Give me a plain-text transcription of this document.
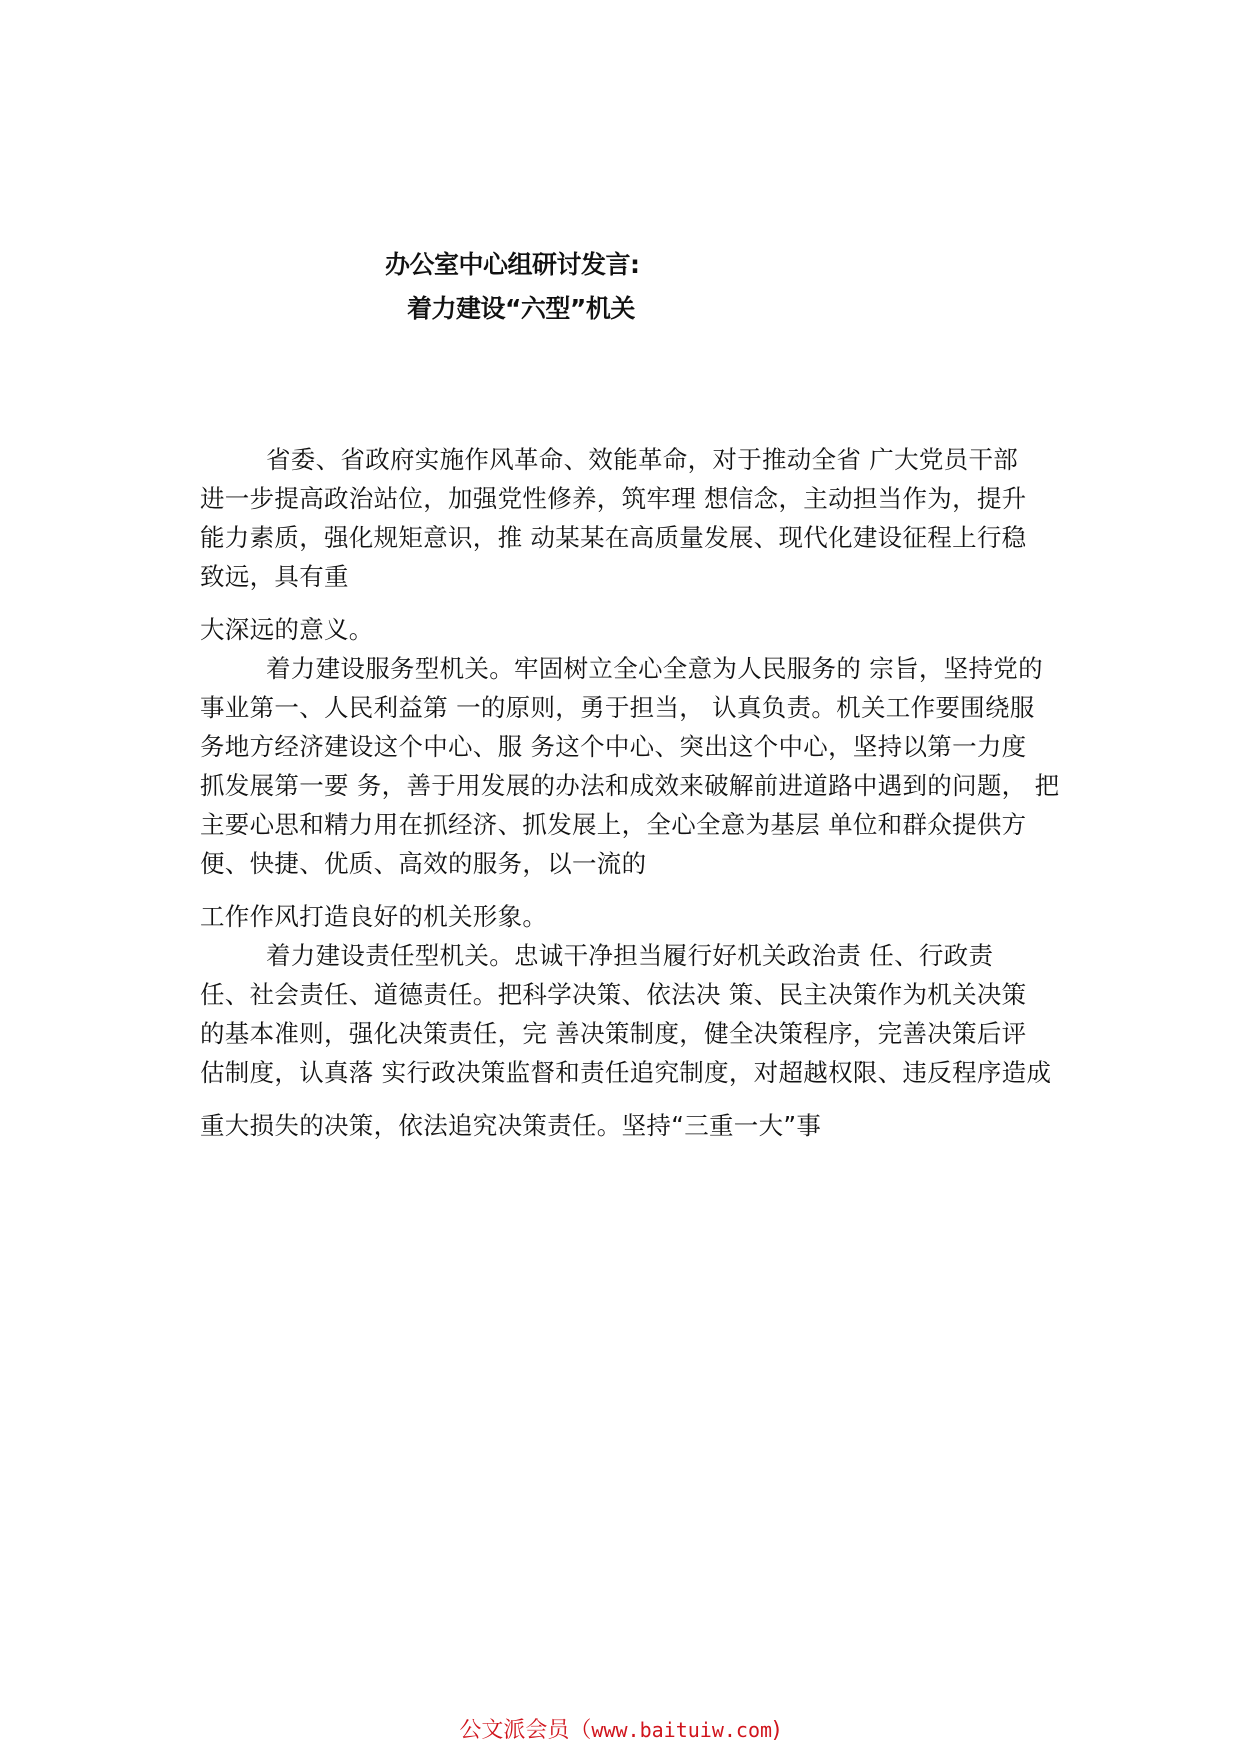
办公室中心组研讨发言:
着力建设“六型”机关
省委、省政府实施作风革命、效能革命，对于推动全省 广大党员干部
进一步提高政治站位，加强党性修养，筑牢理 想信念，主动担当作为，提升
能力素质，强化规矩意识，推 动某某在高质量发展、现代化建设征程上行稳
致远，具有重
大深远的意义。
着力建设服务型机关。牢固树立全心全意为人民服务的 宗旨，坚持党的
事业第一、人民利益第 一的原则，勇于担当， 认真负责。机关工作要围绕服
务地方经济建设这个中心、服 务这个中心、突出这个中心，坚持以第一力度
抓发展第一要 务，善于用发展的办法和成效来破解前进道路中遇到的问题， 把
主要心思和精力用在抓经济、抓发展上，全心全意为基层 单位和群众提供方
便、快捷、优质、高效的服务，以一流的
工作作风打造良好的机关形象。
着力建设责任型机关。忠诚干净担当履行好机关政治责 任、行政责
任、社会责任、道德责任。把科学决策、依法决 策、民主决策作为机关决策
的基本准则，强化决策责任，完 善决策制度，健全决策程序，完善决策后评
估制度，认真落 实行政决策监督和责任追究制度，对超越权限、违反程序造成
重大损失的决策，依法追究决策责任。坚持“三重一大”事
公文派会员（www.baituiw.com)
